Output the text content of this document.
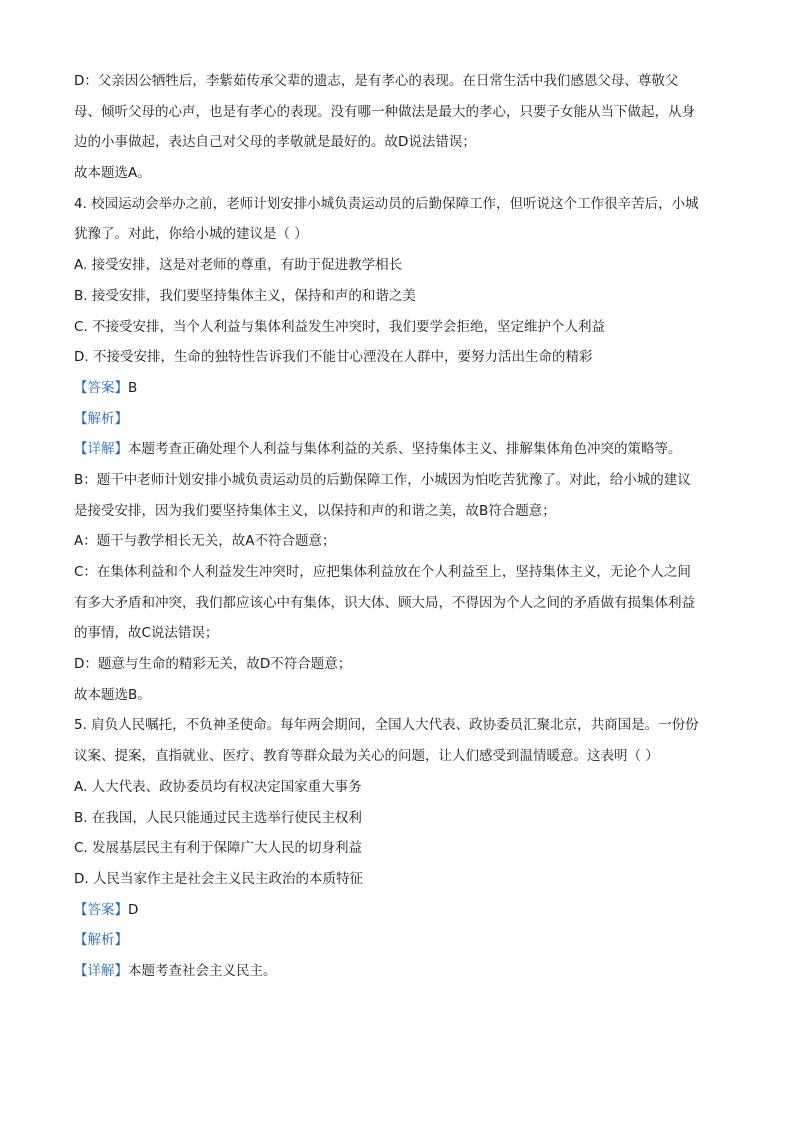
D：父亲因公牺牲后，李紫茹传承父辈的遗志，是有孝心的表现。在日常生活中我们感恩父母、尊敬父
母、倾听父母的心声，也是有孝心的表现。没有哪一种做法是最大的孝心，只要子女能从当下做起，从身
边的小事做起，表达自己对父母的孝敬就是最好的。故D说法错误；
故本题选A。
4. 校园运动会举办之前，老师计划安排小城负责运动员的后勤保障工作，但听说这个工作很辛苦后，小城
犹豫了。对此，你给小城的建议是（ ）
A. 接受安排，这是对老师的尊重，有助于促进教学相长
B. 接受安排，我们要坚持集体主义，保持和声的和谐之美
C. 不接受安排，当个人利益与集体利益发生冲突时，我们要学会拒绝，坚定维护个人利益
D. 不接受安排，生命的独特性告诉我们不能甘心湮没在人群中，要努力活出生命的精彩
【答案】B
【解析】
【详解】本题考查正确处理个人利益与集体利益的关系、坚持集体主义、排解集体角色冲突的策略等。
B：题干中老师计划安排小城负责运动员的后勤保障工作，小城因为怕吃苦犹豫了。对此，给小城的建议
是接受安排，因为我们要坚持集体主义，以保持和声的和谐之美，故B符合题意；
A：题干与教学相长无关，故A不符合题意；
C：在集体利益和个人利益发生冲突时，应把集体利益放在个人利益至上，坚持集体主义，无论个人之间
有多大矛盾和冲突，我们都应该心中有集体，识大体、顾大局，不得因为个人之间的矛盾做有损集体利益
的事情，故C说法错误；
D：题意与生命的精彩无关，故D不符合题意；
故本题选B。
5. 肩负人民嘱托，不负神圣使命。每年两会期间，全国人大代表、政协委员汇聚北京，共商国是。一份份
议案、提案，直指就业、医疗、教育等群众最为关心的问题，让人们感受到温情暖意。这表明（ ）
A. 人大代表、政协委员均有权决定国家重大事务
B. 在我国，人民只能通过民主选举行使民主权利
C. 发展基层民主有利于保障广大人民的切身利益
D. 人民当家作主是社会主义民主政治的本质特征
【答案】D
【解析】
【详解】本题考查社会主义民主。
